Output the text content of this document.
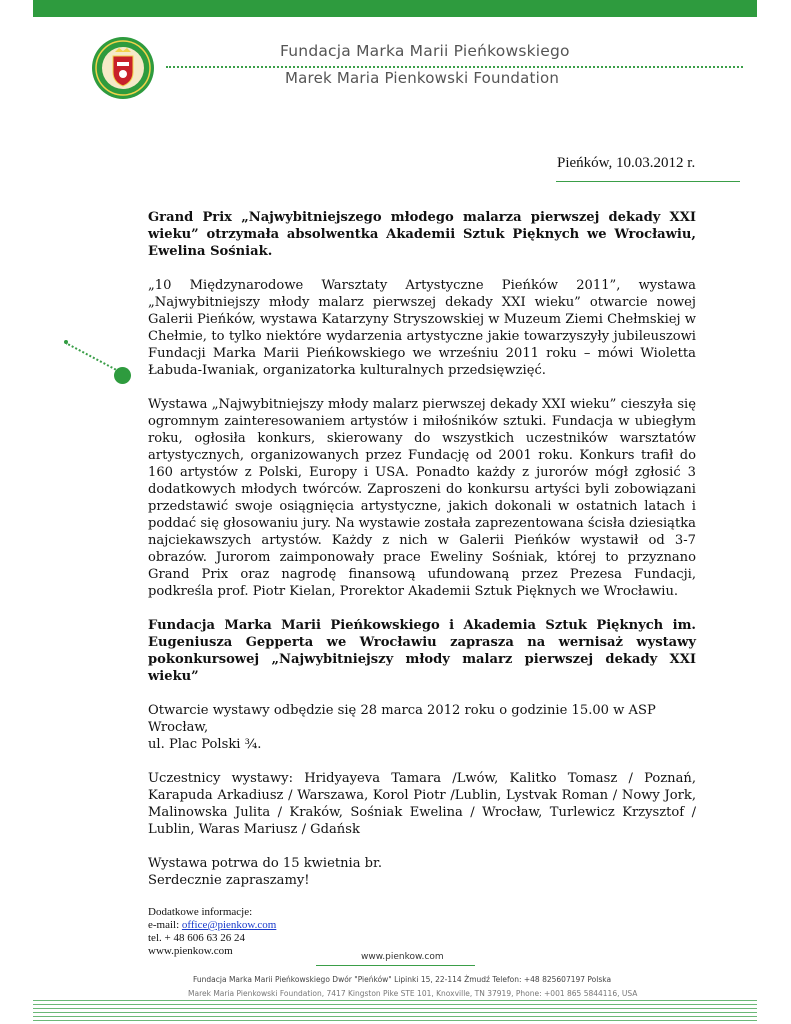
Fundacja Marka Marii Pieńkowskiego
Marek Maria Pienkowski Foundation
Pieńków, 10.03.2012 r.

Grand Prix „Najwybitniejszego młodego malarza pierwszej dekady XXI wieku” otrzymała absolwentka Akademii Sztuk Pięknych we Wrocławiu, Ewelina Sośniak.

„10 Międzynarodowe Warsztaty Artystyczne Pieńków 2011”, wystawa „Najwybitniejszy młody malarz pierwszej dekady XXI wieku” otwarcie nowej Galerii Pieńków, wystawa Katarzyny Stryszowskiej w Muzeum Ziemi Chełmskiej w Chełmie, to tylko niektóre wydarzenia artystyczne jakie towarzyszyły jubileuszowi Fundacji Marka Marii Pieńkowskiego we wrześniu 2011 roku – mówi Wioletta Łabuda-Iwaniak, organizatorka kulturalnych przedsięwzięć.

Wystawa „Najwybitniejszy młody malarz pierwszej dekady XXI wieku” cieszyła się ogromnym zainteresowaniem artystów i miłośników sztuki. Fundacja w ubiegłym roku, ogłosiła konkurs, skierowany do wszystkich uczestników warsztatów artystycznych, organizowanych przez Fundację od 2001 roku. Konkurs trafił do 160 artystów z Polski, Europy i USA. Ponadto każdy z jurorów mógł zgłosić 3 dodatkowych młodych twórców. Zaproszeni do konkursu artyści byli zobowiązani przedstawić swoje osiągnięcia artystyczne, jakich dokonali w ostatnich latach i poddać się głosowaniu jury. Na wystawie została zaprezentowana ścisła dziesiątka najciekawszych artystów. Każdy z nich w Galerii Pieńków wystawił od 3-7 obrazów. Jurorom zaimponowały prace Eweliny Sośniak, której to przyznano Grand Prix oraz nagrodę finansową ufundowaną przez Prezesa Fundacji, podkreśla prof. Piotr Kielan, Prorektor Akademii Sztuk Pięknych we Wrocławiu.

Fundacja Marka Marii Pieńkowskiego i Akademia Sztuk Pięknych im. Eugeniusza Gepperta we Wrocławiu zaprasza na wernisaż wystawy pokonkursowej „Najwybitniejszy młody malarz pierwszej dekady XXI wieku”

Otwarcie wystawy odbędzie się 28 marca 2012 roku o godzinie 15.00 w ASP Wrocław,

ul. Plac Polski ¾.

Uczestnicy wystawy: Hridyayeva Tamara /Lwów, Kalitko Tomasz / Poznań, Karapuda Arkadiusz / Warszawa, Korol Piotr /Lublin, Lystvak Roman / Nowy Jork, Malinowska Julita / Kraków, Sośniak Ewelina / Wrocław, Turlewicz Krzysztof / Lublin, Waras Mariusz / Gdańsk

Wystawa potrwa do 15 kwietnia br.

Serdecznie zapraszamy!

Dodatkowe informacje:
e-mail: office@pienkow.com
tel. + 48 606 63 26 24
www.pienkow.com	www.pienkow.com
Fundacja Marka Marii Pieńkowskiego Dwór "Pieńków" Lipinki 15, 22-114 Żmudź Telefon: +48 825607197 Polska
Marek Maria Pienkowski Foundation, 7417 Kingston Pike STE 101, Knoxville, TN 37919, Phone: +001 865 5844116, USA
